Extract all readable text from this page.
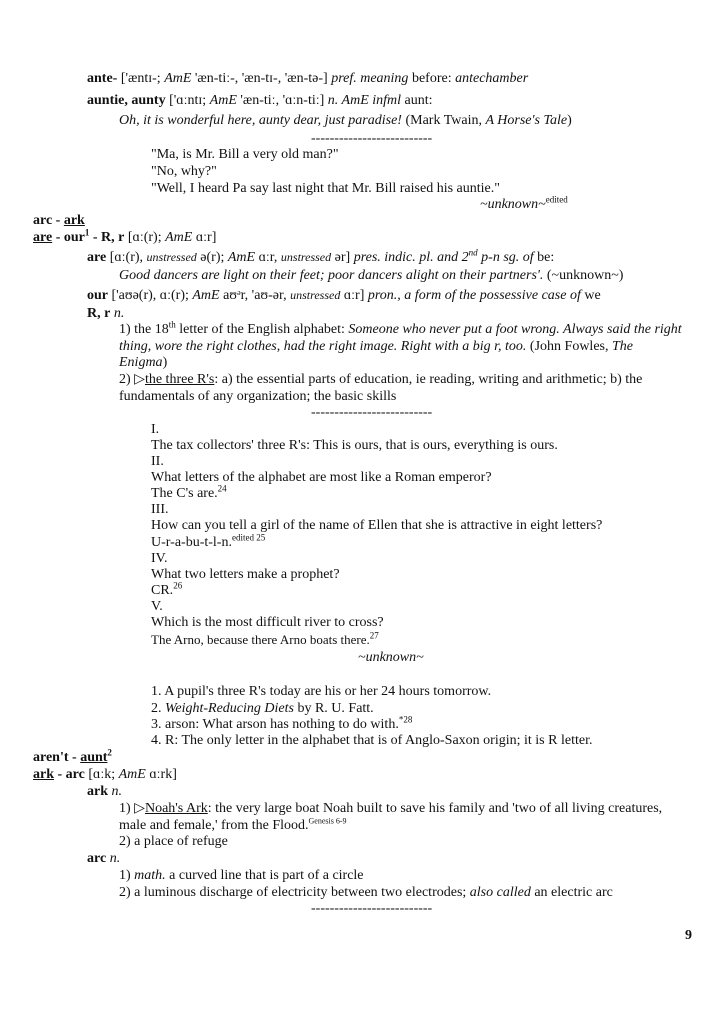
ante- ['æntɪ-; AmE 'æn-tiː-, 'æn-tɪ-, 'æn-tə-] pref. meaning before: antechamber
auntie, aunty ['ɑːntɪ; AmE 'æn-tiː, 'ɑːn-tiː] n. AmE infml aunt:
Oh, it is wonderful here, aunty dear, just paradise! (Mark Twain, A Horse's Tale)
--------------------------
"Ma, is Mr. Bill a very old man?"
"No, why?"
"Well, I heard Pa say last night that Mr. Bill raised his auntie."
~unknown~$^{edited}$
arc - ark
are - our$^1$ - R, r [ɑː(r); AmE ɑːr]
are [ɑː(r), unstressed ə(r); AmE ɑːr, unstressed ər] pres. indic. pl. and 2nd p-n sg. of be:
Good dancers are light on their feet; poor dancers alight on their partners'. (~unknown~)
our ['aʊə(r), ɑː(r); AmE aʊᵊr, 'aʊ-ər, unstressed ɑːr] pron., a form of the possessive case of we
R, r n.
1) the 18th letter of the English alphabet: Someone who never put a foot wrong. Always said the right
thing, wore the right clothes, had the right image. Right with a big r, too. (John Fowles, The
Enigma)
2) ▷the three R's: a) the essential parts of education, ie reading, writing and arithmetic; b) the
fundamentals of any organization; the basic skills
--------------------------
I.
The tax collectors' three R's: This is ours, that is ours, everything is ours.
II.
What letters of the alphabet are most like a Roman emperor?
The C's are.$^{24}$
III.
How can you tell a girl of the name of Ellen that she is attractive in eight letters?
U-r-a-bu-t-l-n.$^{edited 25}$
IV.
What two letters make a prophet?
CR.$^{26}$
V.
Which is the most difficult river to cross?
The Arno, because there Arno boats there.$^{27}$
~unknown~
1. A pupil's three R's today are his or her 24 hours tomorrow.
2. Weight-Reducing Diets by R. U. Fatt.
3. arson: What arson has nothing to do with.$^{*28}$
4. R: The only letter in the alphabet that is of Anglo-Saxon origin; it is R letter.
aren't - aunt$^2$
ark - arc [ɑːk; AmE ɑːrk]
ark n.
1) ▷Noah's Ark: the very large boat Noah built to save his family and 'two of all living creatures,
male and female,' from the Flood.$^{Genesis 6-9}$
2) a place of refuge
arc n.
1) math. a curved line that is part of a circle
2) a luminous discharge of electricity between two electrodes; also called an electric arc
--------------------------
9
